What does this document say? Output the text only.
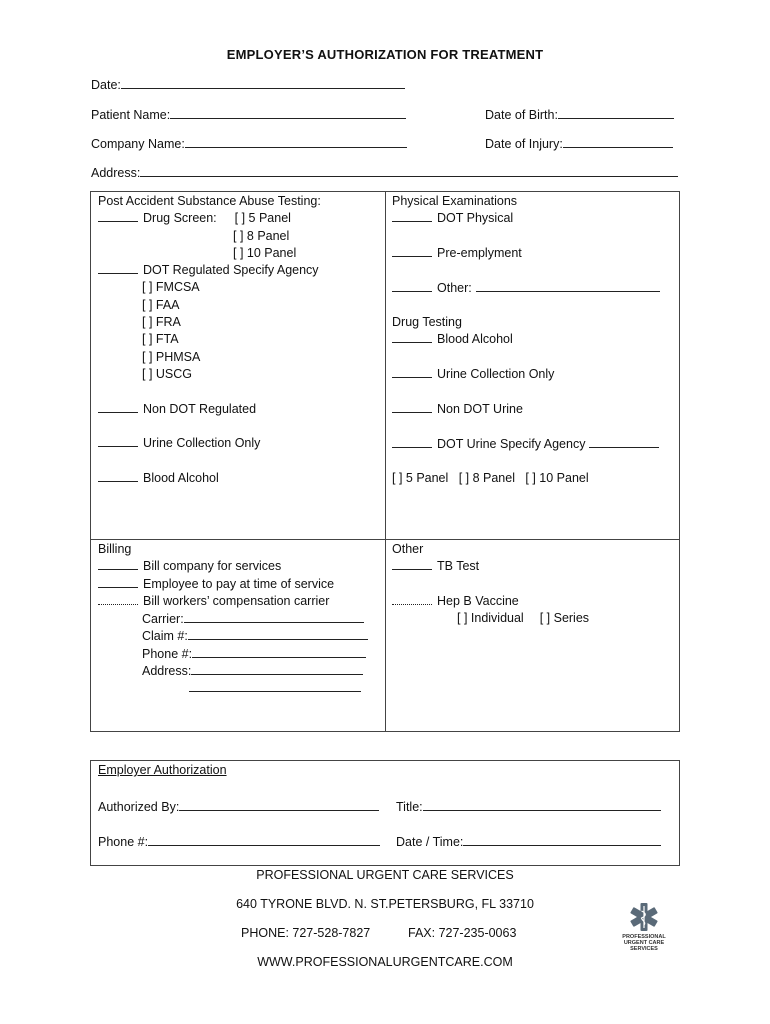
EMPLOYER’S AUTHORIZATION FOR TREATMENT
Date:
Patient Name:	Date of Birth:
Company Name:	Date of Injury:
Address:
Post Accident Substance Abuse Testing:
Drug Screen: [ ] 5 Panel
[ ] 8 Panel
[ ] 10 Panel
DOT Regulated Specify Agency
[ ] FMCSA
[ ] FAA
[ ] FRA
[ ] FTA
[ ] PHMSA
[ ] USCG
Non DOT Regulated
Urine Collection Only
Blood Alcohol
Physical Examinations
DOT Physical
Pre-emplyment
Other:
Drug Testing
Blood Alcohol
Urine Collection Only
Non DOT Urine
DOT Urine Specify Agency
[ ] 5 Panel   [ ] 8 Panel   [ ] 10 Panel
Billing
Bill company for services
Employee to pay at time of service
Bill workers’ compensation carrier
Carrier:
Claim #:
Phone #:
Address:
Other
TB Test
Hep B Vaccine
[ ] Individual [ ] Series
Employer Authorization
Authorized By:	Title:
Phone #:	Date / Time:
PROFESSIONAL URGENT CARE SERVICES
640 TYRONE BLVD. N. ST.PETERSBURG, FL 33710
PHONE: 727-528-7827	FAX: 727-235-0063
WWW.PROFESSIONALURGENTCARE.COM
PROFESSIONAL
URGENT CARE
SERVICES
